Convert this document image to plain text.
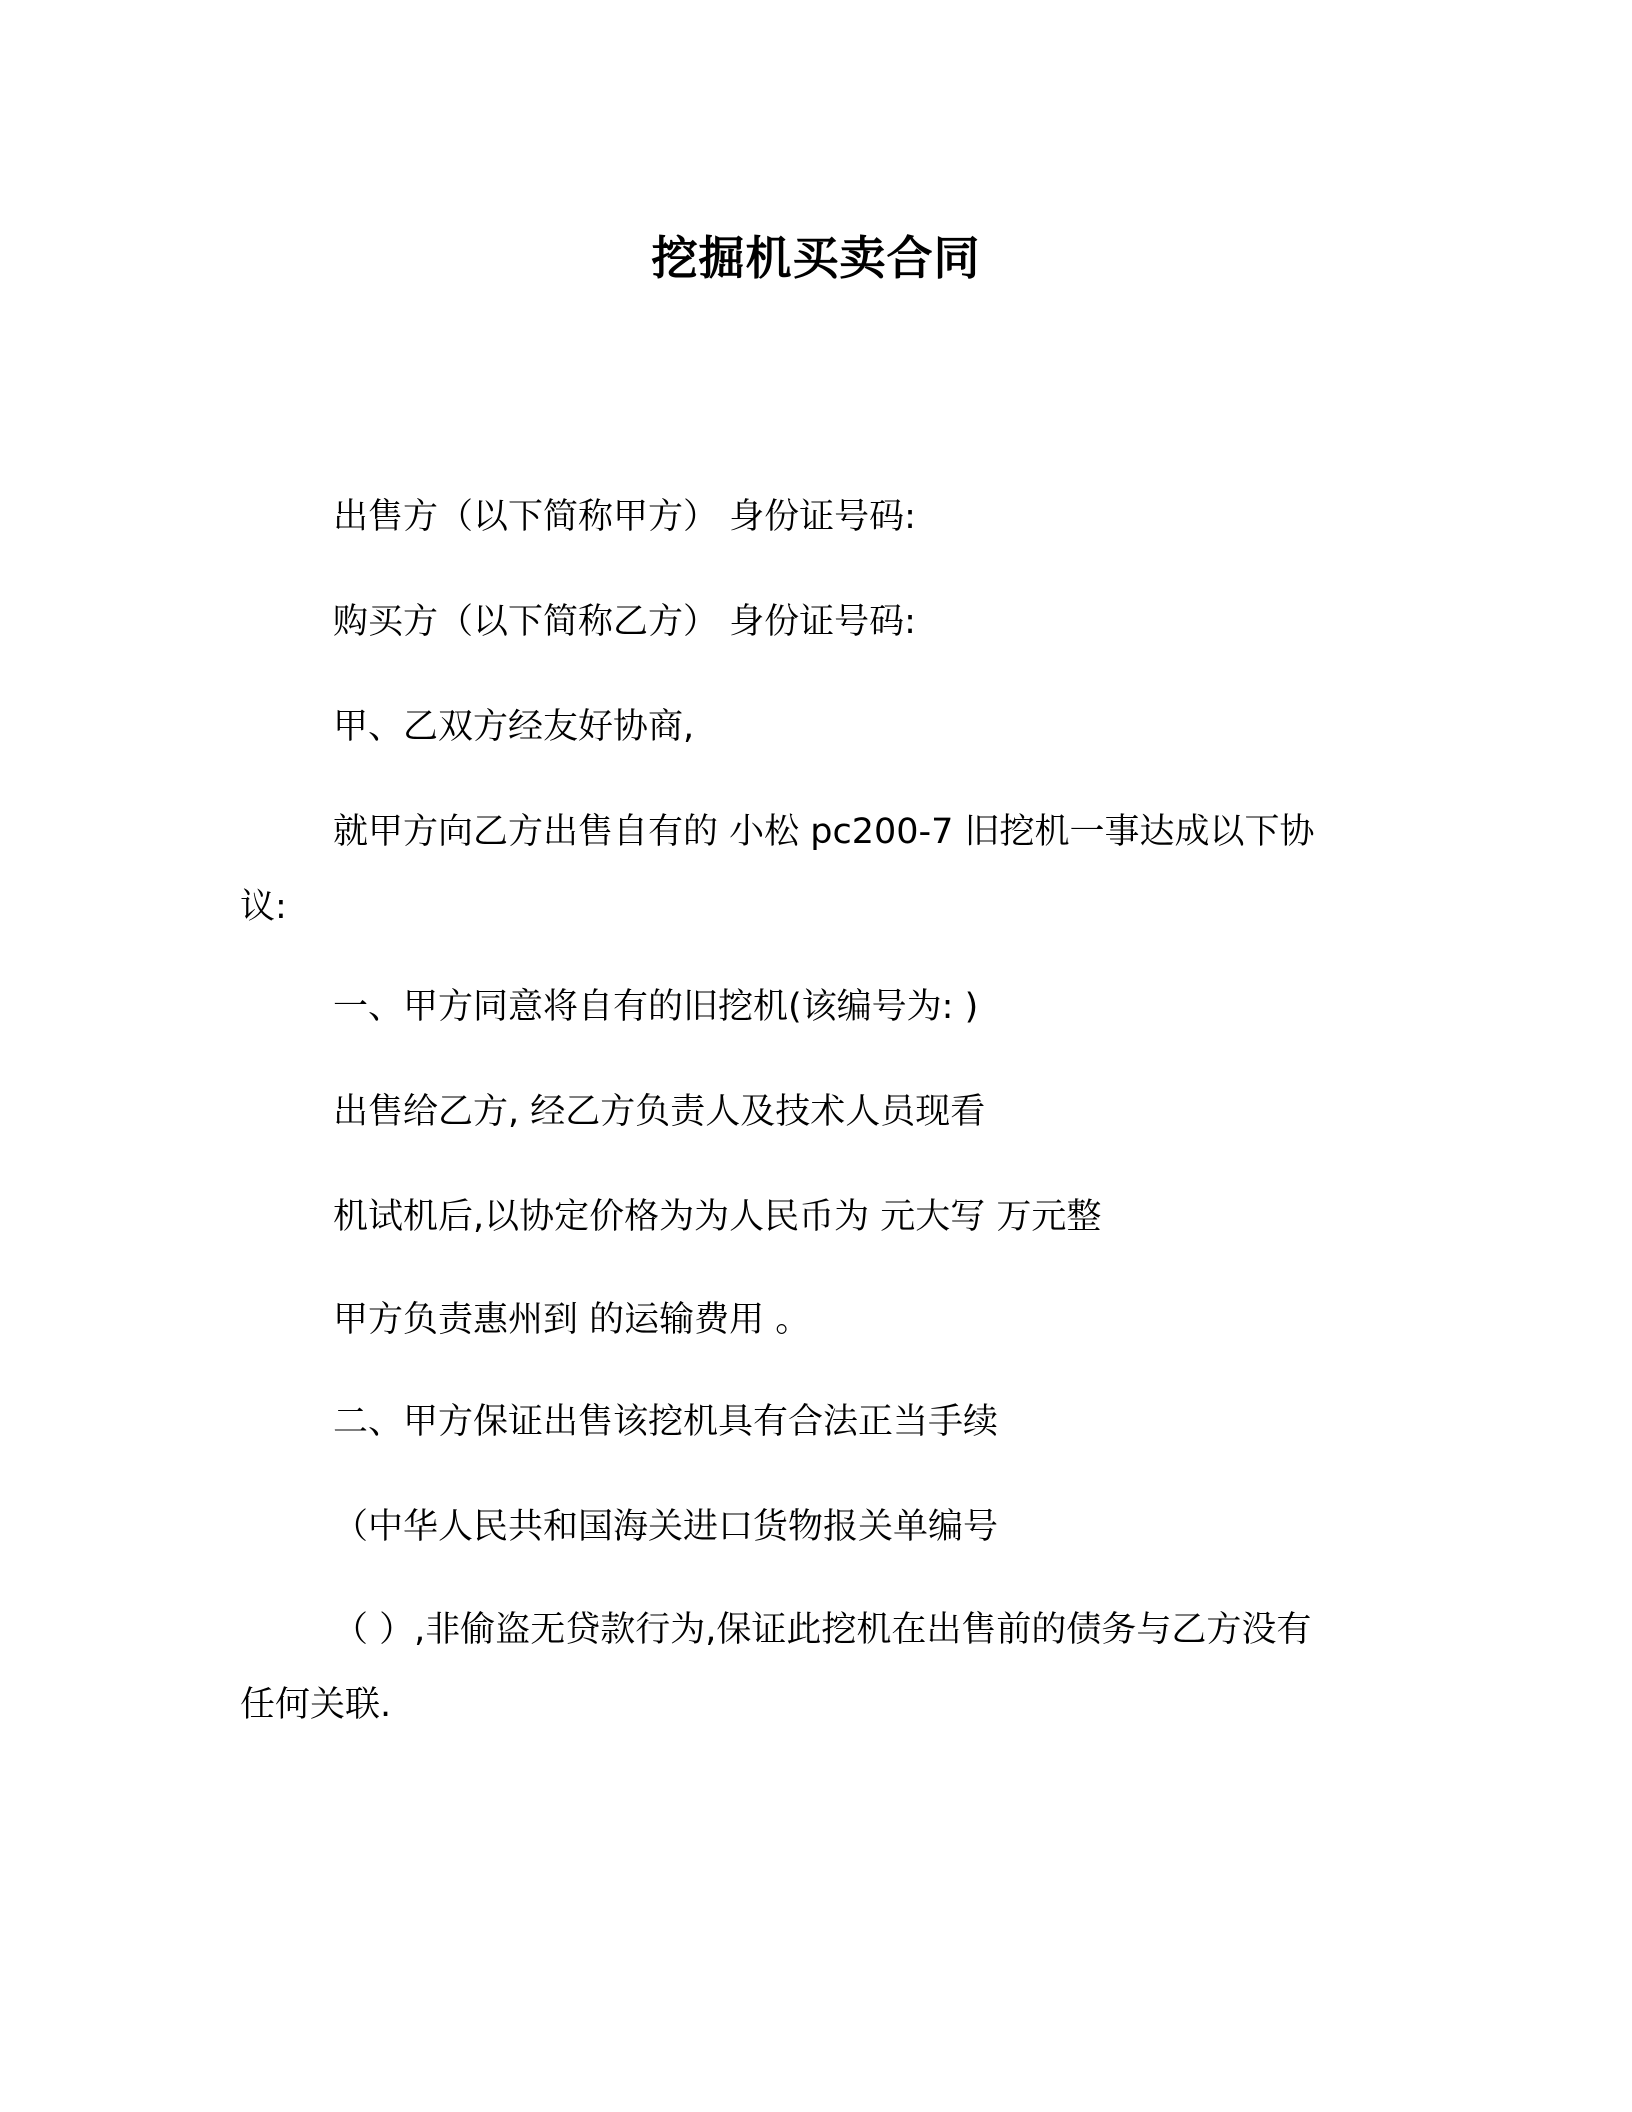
挖掘机买卖合同
出售方（以下简称甲方） 身份证号码:
购买方（以下简称乙方） 身份证号码:
甲、乙双方经友好协商,
就甲方向乙方出售自有的 小松 pc200-7 旧挖机一事达成以下协
议:
一、甲方同意将自有的旧挖机(该编号为: )
出售给乙方, 经乙方负责人及技术人员现看
机试机后,以协定价格为为人民币为 元大写 万元整
甲方负责惠州到 的运输费用 。
二、甲方保证出售该挖机具有合法正当手续
（中华人民共和国海关进口货物报关单编号
（ ）,非偷盗无贷款行为,保证此挖机在出售前的债务与乙方没有
任何关联.
